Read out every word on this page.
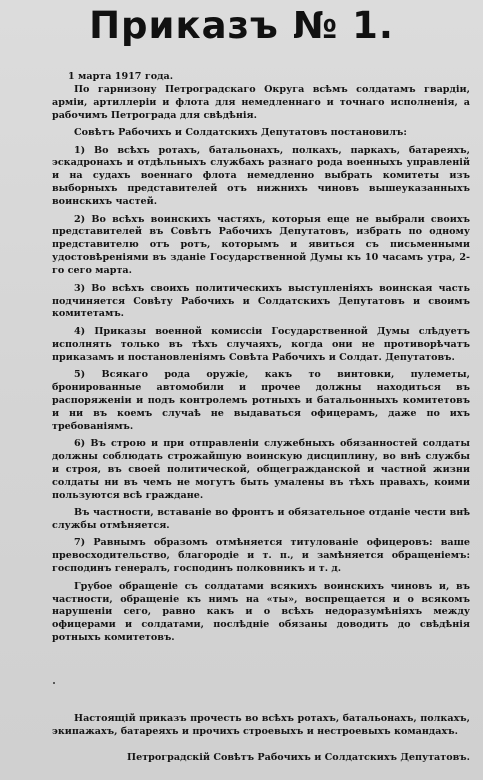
Приказъ № 1.

1 марта 1917 года.

По гарнизону Петроградскаго Округа всѣмъ солдатамъ гвардіи, арміи, артиллеріи и флота для немедленнаго и точнаго исполненія, а рабочимъ Петрограда для свѣдѣнія.

Совѣтъ Рабочихъ и Солдатскихъ Депутатовъ постановилъ:

1) Во всѣхъ ротахъ, батальонахъ, полкахъ, паркахъ, батареяхъ, эскадронахъ и отдѣльныхъ службахъ разнаго рода военныхъ управленій и на судахъ военнаго флота немедленно выбрать комитеты изъ выборныхъ представителей отъ нижнихъ чиновъ вышеуказанныхъ воинскихъ частей.

2) Во всѣхъ воинскихъ частяхъ, которыя еще не выбрали своихъ представителей въ Совѣтъ Рабочихъ Депутатовъ, избрать по одному представителю отъ ротъ, которымъ и явиться съ письменными удостовѣреніями въ зданіе Государственной Думы къ 10 часамъ утра, 2-го сего марта.

3) Во всѣхъ своихъ политическихъ выступленіяхъ воинская часть подчиняется Совѣту Рабочихъ и Солдатскихъ Депутатовъ и своимъ комитетамъ.

4) Приказы военной комиссіи Государственной Думы слѣдуетъ исполнять только въ тѣхъ случаяхъ, когда они не противорѣчатъ приказамъ и постановленіямъ Совѣта Рабочихъ и Солдат. Депутатовъ.

5) Всякаго рода оружіе, какъ то винтовки, пулеметы, бронированные автомобили и прочее должны находиться въ распоряженіи и подъ контролемъ ротныхъ и батальонныхъ комитетовъ и ни въ коемъ случаѣ не выдаваться офицерамъ, даже по ихъ требованіямъ.

6) Въ строю и при отправленіи служебныхъ обязанностей солдаты должны соблюдать строжайшую воинскую дисциплину, во внѣ службы и строя, въ своей политической, общегражданской и частной жизни солдаты ни въ чемъ не могутъ быть умалены въ тѣхъ правахъ, коими пользуются всѣ граждане.

Въ частности, вставаніе во фронтъ и обязательное отданіе чести внѣ службы отмѣняется.

7) Равнымъ образомъ отмѣняется титулованіе офицеровъ: ваше превосходительство, благородіе и т. п., и замѣняется обращеніемъ: господинъ генералъ, господинъ полковникъ и т. д.

Грубое обращеніе съ солдатами всякихъ воинскихъ чиновъ и, въ частности, обращеніе къ нимъ на «ты», воспрещается и о всякомъ нарушеніи сего, равно какъ и о всѣхъ недоразумѣніяхъ между офицерами и солдатами, послѣдніе обязаны доводить до свѣдѣнія ротныхъ комитетовъ.

Настоящій приказъ прочесть во всѣхъ ротахъ, батальонахъ, полкахъ, экипажахъ, батареяхъ и прочихъ строевыхъ и нестроевыхъ командахъ.

Петроградскій Совѣтъ Рабочихъ и Солдатскихъ Депутатовъ.
